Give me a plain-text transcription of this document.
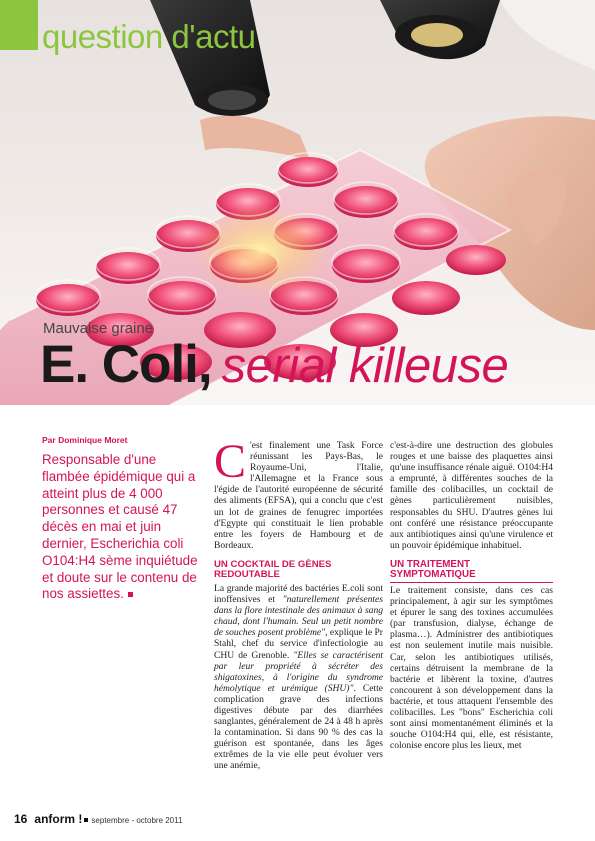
question d'actu
Mauvaise graine
E. Coli, serial killeuse
Par Dominique Moret
Responsable d'une flambée épidémique qui a atteint plus de 4 000 personnes et causé 47 décès en mai et juin dernier, Escherichia coli O104:H4 sème inquiétude et doute sur le contenu de nos assiettes.

C 'est finalement une Task Force réunissant les Pays-Bas, le Royaume-Uni, l'Italie, l'Allemagne et la France sous l'égide de l'autorité européenne de sécurité des aliments (EFSA), qui a conclu que c'est un lot de graines de fenugrec importées d'Egypte qui constituait le lien probable entre les foyers de Hambourg et de Bordeaux.

UN COCKTAIL DE GÈNES REDOUTABLE

La grande majorité des bactéries E.coli sont inoffensives et "naturellement présentes dans la flore intestinale des animaux à sang chaud, dont l'humain. Seul un petit nombre de souches posent problème", explique le Pr Stahl, chef du service d'infectiologie au CHU de Grenoble. "Elles se caractérisent par leur propriété à sécréter des shigatoxines, à l'origine du syndrome hémolytique et urémique (SHU)". Cette complication grave des infections digestives débute par des diarrhées sanglantes, généralement de 24 à 48 h après la contamination. Si dans 90 % des cas la guérison est spontanée, dans les âges extrêmes de la vie elle peut évoluer vers une anémie,

c'est-à-dire une destruction des globules rouges et une baisse des plaquettes ainsi qu'une insuffisance rénale aiguë. O104:H4 a emprunté, à différentes souches de la famille des colibacilles, un cocktail de gènes particulièrement nuisibles, responsables du SHU. D'autres gènes lui ont conféré une résistance préoccupante aux antibiotiques ainsi qu'une virulence et un pouvoir épidémique inhabituel.

UN TRAITEMENT SYMPTOMATIQUE

Le traitement consiste, dans ces cas principalement, à agir sur les symptômes et épurer le sang des toxines accumulées (par transfusion, dialyse, échange de plasma…). Administrer des antibiotiques est non seulement inutile mais nuisible. Car, selon les antibiotiques utilisés, certains détruisent la membrane de la bactérie et libèrent la toxine, d'autres concourent à son développement dans la bactérie, et tous attaquent l'ensemble des colibacilles. Les "bons" Escherichia coli sont ainsi momentanément éliminés et la souche O104:H4 qui, elle, est résistante, colonise encore plus les lieux, met

16 anform ! septembre - octobre 2011
